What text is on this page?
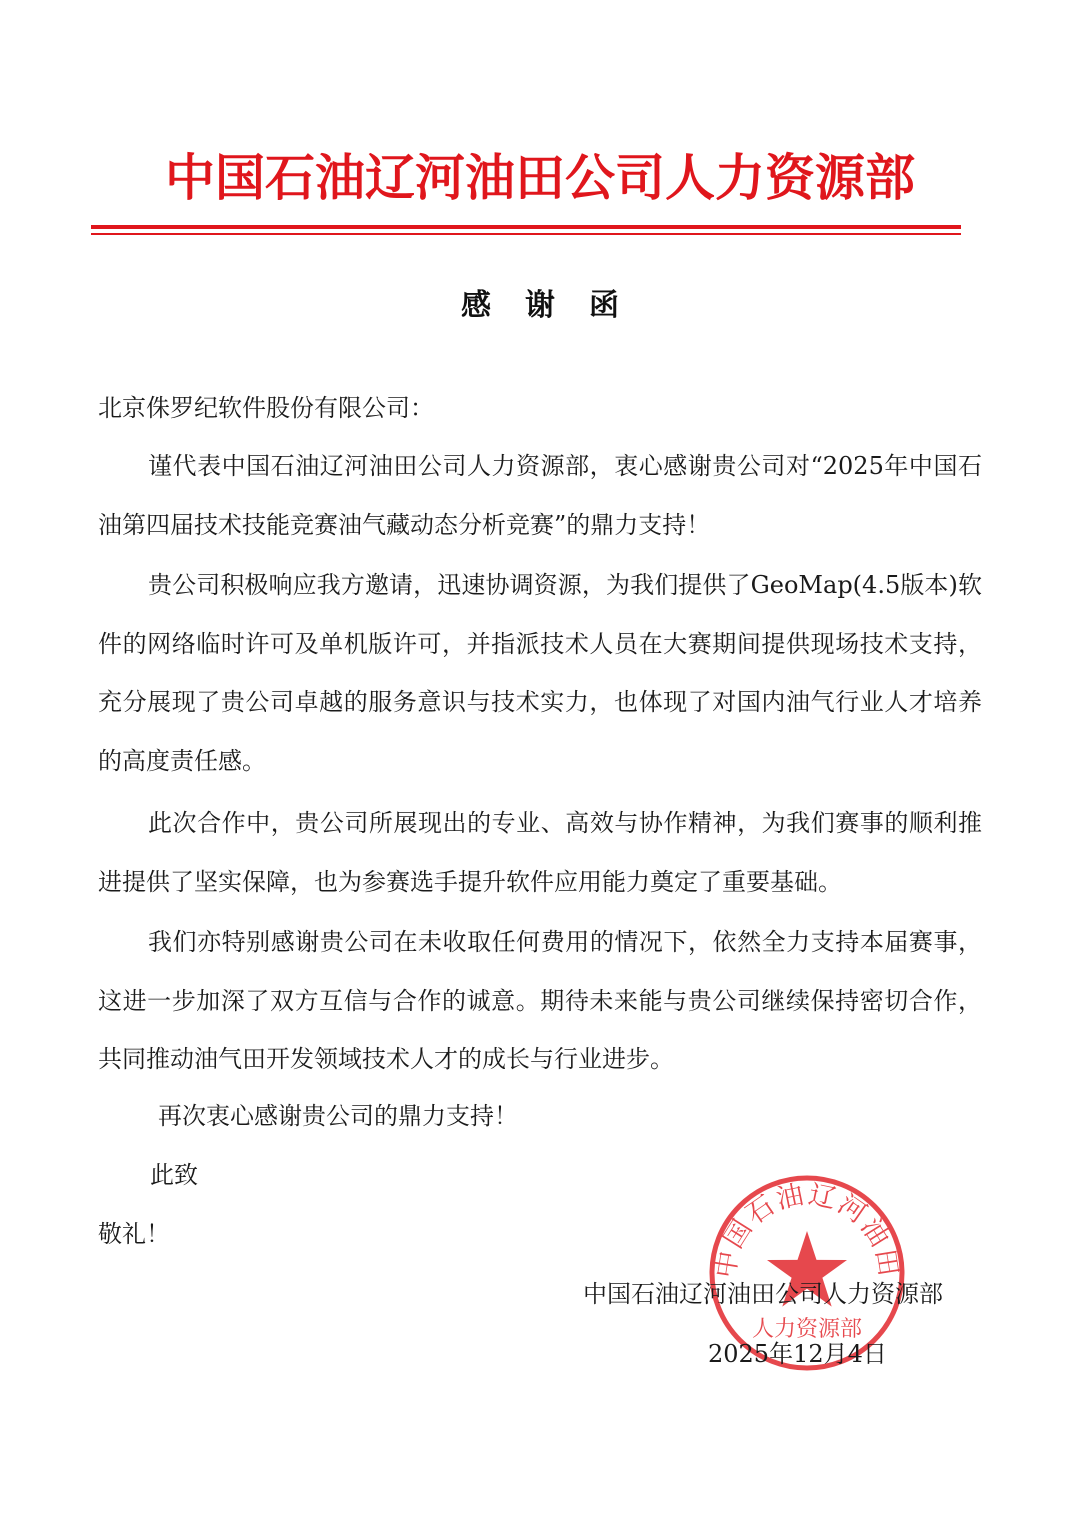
中国石油辽河油田公司人力资源部
感谢函
北京侏罗纪软件股份有限公司：

谨代表中国石油辽河油田公司人力资源部，衷心感谢贵公司对“2025年中国石油第四届技术技能竞赛油气藏动态分析竞赛”的鼎力支持！

贵公司积极响应我方邀请，迅速协调资源，为我们提供了GeoMap(4.5版本)软件的网络临时许可及单机版许可，并指派技术人员在大赛期间提供现场技术支持，充分展现了贵公司卓越的服务意识与技术实力，也体现了对国内油气行业人才培养的高度责任感。

此次合作中，贵公司所展现出的专业、高效与协作精神，为我们赛事的顺利推进提供了坚实保障，也为参赛选手提升软件应用能力奠定了重要基础。

我们亦特别感谢贵公司在未收取任何费用的情况下，依然全力支持本届赛事，这进一步加深了双方互信与合作的诚意。期待未来能与贵公司继续保持密切合作，共同推动油气田开发领域技术人才的成长与行业进步。

再次衷心感谢贵公司的鼎力支持！
此致
敬礼！
中国石油辽河油田
人力资源部
中国石油辽河油田公司人力资源部
2025年12月4日
